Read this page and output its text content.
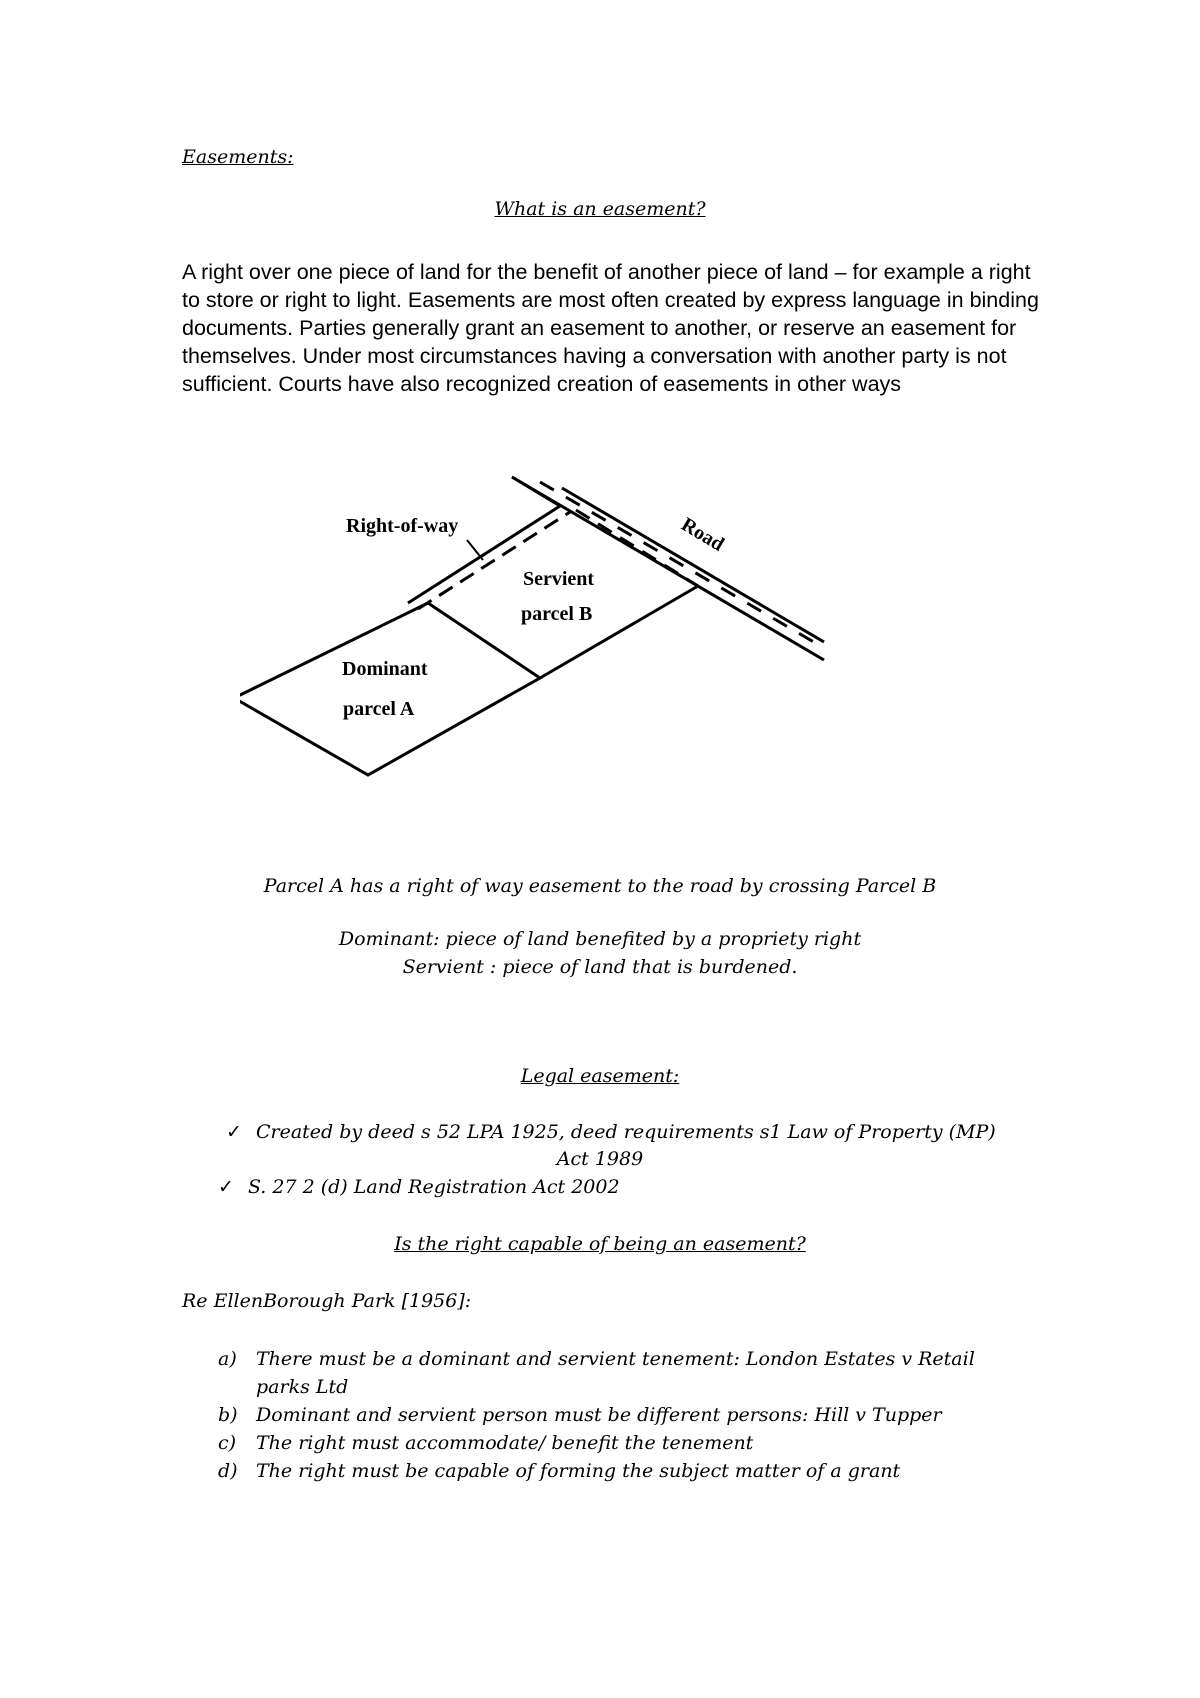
Easements:
What is an easement?
A right over one piece of land for the benefit of another piece of land – for example a right to store or right to light. Easements are most often created by express language in binding documents. Parties generally grant an easement to another, or reserve an easement for themselves. Under most circumstances having a conversation with another party is not sufficient. Courts have also recognized creation of easements in other ways
Right-of-way	Road
Servient
parcel B
Dominant
parcel A
Parcel A has a right of way easement to the road by crossing Parcel B
Dominant: piece of land benefited by a propriety right
Servient : piece of land that is burdened.
Legal easement:
✓ Created by deed s 52 LPA 1925, deed requirements s1 Law of Property (MP)
Act 1989
✓ S. 27 2 (d) Land Registration Act 2002
Is the right capable of being an easement?
Re EllenBorough Park [1956]:
a) There must be a dominant and servient tenement: London Estates v Retail
parks Ltd
b) Dominant and servient person must be different persons: Hill v Tupper
c) The right must accommodate/ benefit the tenement
d) The right must be capable of forming the subject matter of a grant
